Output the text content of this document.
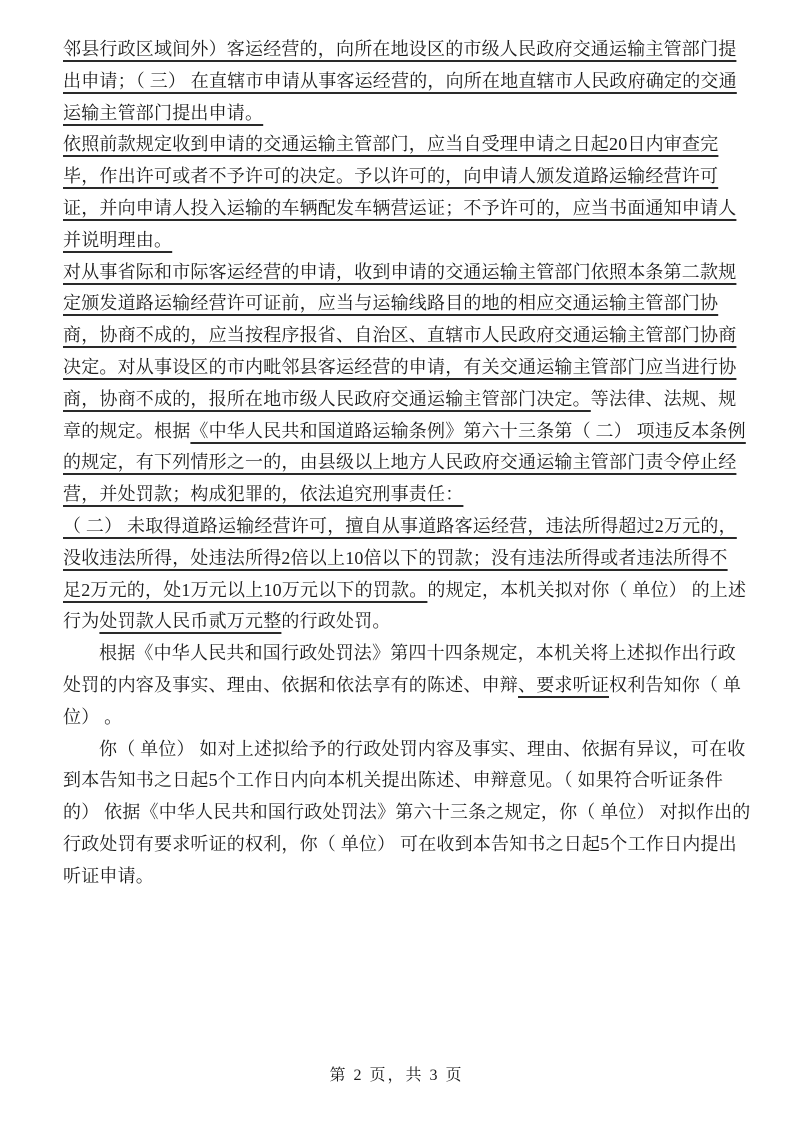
邻县行政区域间外）客运经营的，向所在地设区的市级人民政府交通运输主管部门提
出申请；（ 三） 在直辖市申请从事客运经营的，向所在地直辖市人民政府确定的交通
运输主管部门提出申请。
依照前款规定收到申请的交通运输主管部门，应当自受理申请之日起20日内审查完
毕，作出许可或者不予许可的决定。予以许可的，向申请人颁发道路运输经营许可
证，并向申请人投入运输的车辆配发车辆营运证；不予许可的，应当书面通知申请人
并说明理由。
对从事省际和市际客运经营的申请，收到申请的交通运输主管部门依照本条第二款规
定颁发道路运输经营许可证前，应当与运输线路目的地的相应交通运输主管部门协
商，协商不成的，应当按程序报省、自治区、直辖市人民政府交通运输主管部门协商
决定。对从事设区的市内毗邻县客运经营的申请，有关交通运输主管部门应当进行协
商，协商不成的，报所在地市级人民政府交通运输主管部门决定。等法律、法规、规
章的规定。根据《中华人民共和国道路运输条例》第六十三条第（ 二） 项违反本条例
的规定，有下列情形之一的，由县级以上地方人民政府交通运输主管部门责令停止经
营，并处罚款；构成犯罪的，依法追究刑事责任：
（ 二） 未取得道路运输经营许可，擅自从事道路客运经营，违法所得超过2万元的，
没收违法所得，处违法所得2倍以上10倍以下的罚款；没有违法所得或者违法所得不
足2万元的，处1万元以上10万元以下的罚款。的规定，本机关拟对你（ 单位） 的上述
行为处罚款人民币贰万元整的行政处罚。
根据《中华人民共和国行政处罚法》第四十四条规定，本机关将上述拟作出行政
处罚的内容及事实、理由、依据和依法享有的陈述、申辩、要求听证权利告知你（ 单
位） 。
你（ 单位） 如对上述拟给予的行政处罚内容及事实、理由、依据有异议，可在收
到本告知书之日起5个工作日内向本机关提出陈述、申辩意见。（ 如果符合听证条件
的） 依据《中华人民共和国行政处罚法》第六十三条之规定，你（ 单位） 对拟作出的
行政处罚有要求听证的权利，你（ 单位） 可在收到本告知书之日起5个工作日内提出
听证申请。
第 2 页，共 3 页
